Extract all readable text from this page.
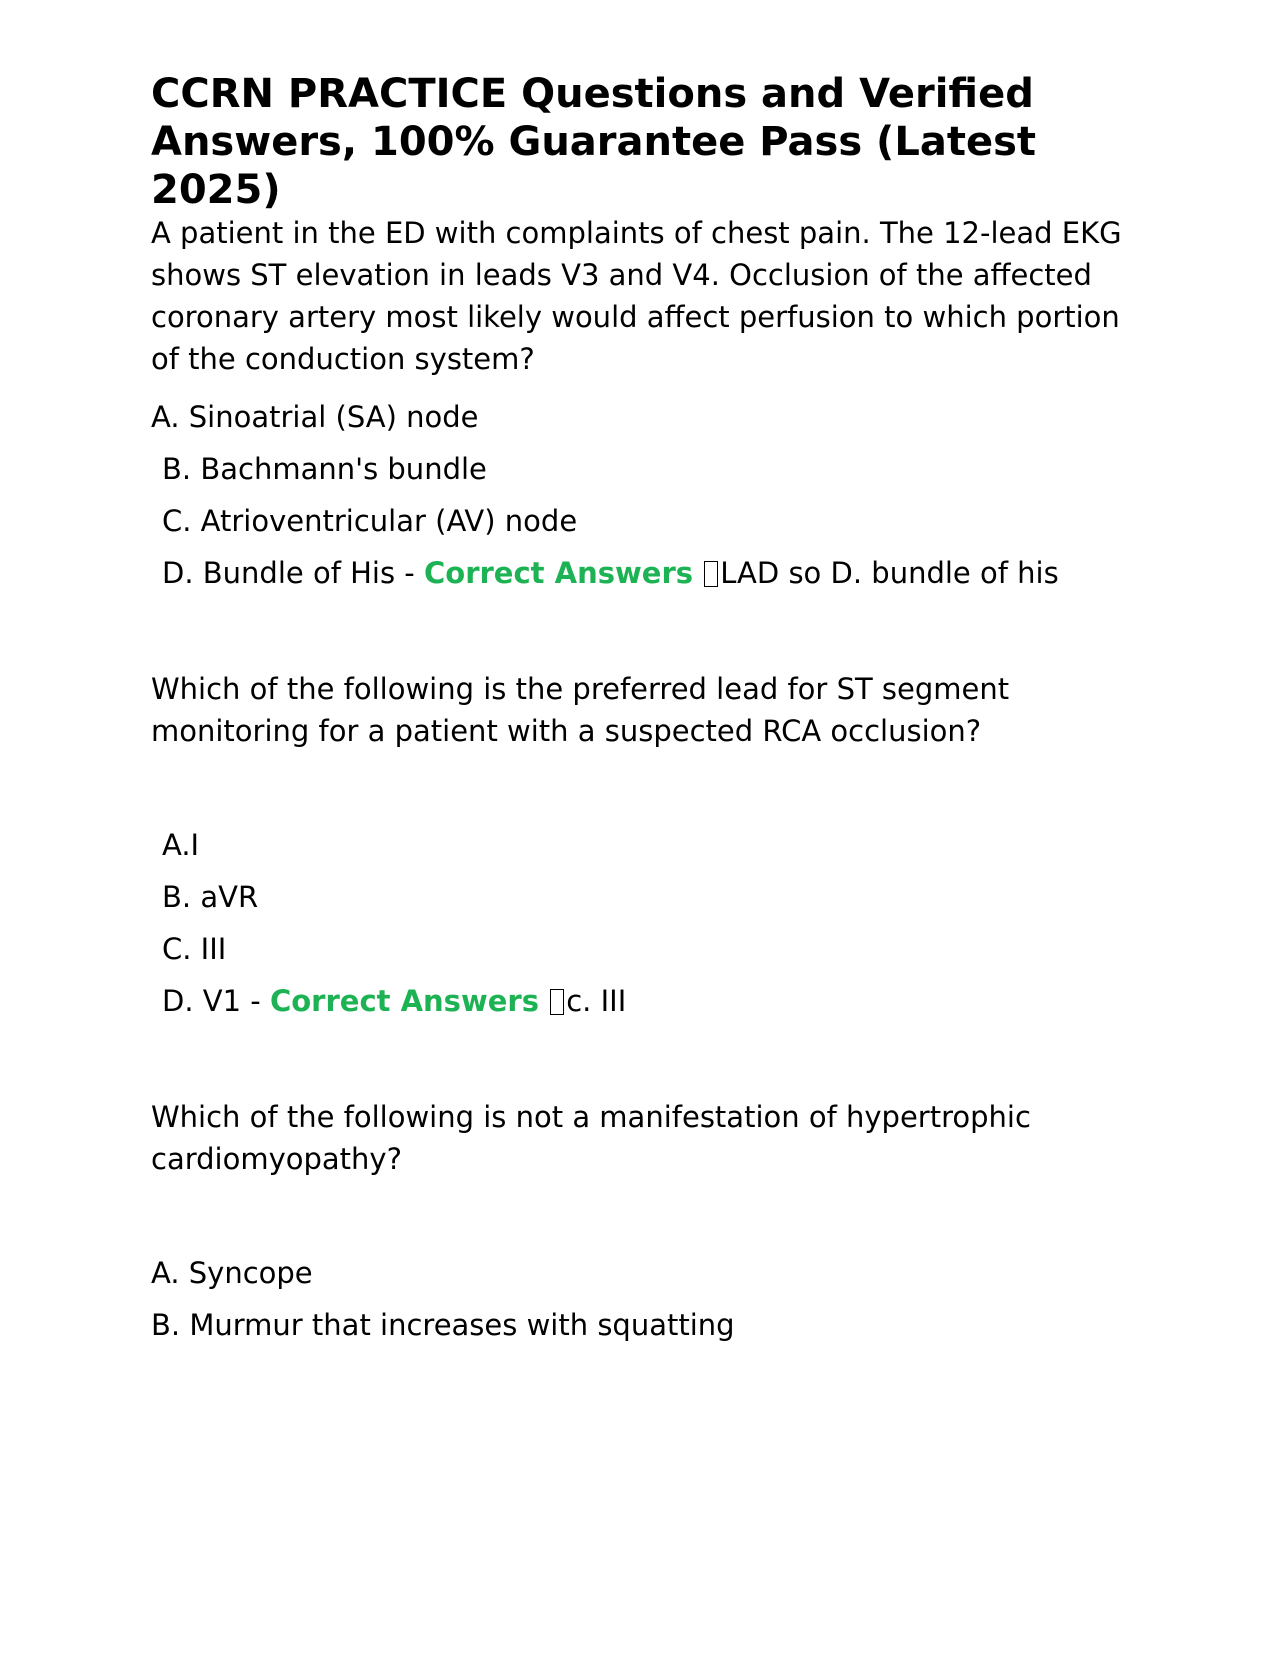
CCRN PRACTICE Questions and Verified Answers, 100% Guarantee Pass (Latest 2025)

A patient in the ED with complaints of chest pain. The 12-lead EKG shows ST elevation in leads V3 and V4. Occlusion of the affected coronary artery most likely would affect perfusion to which portion of the conduction system?

A. Sinoatrial (SA) node

B. Bachmann's bundle

C. Atrioventricular (AV) node

D. Bundle of His - Correct Answers LAD so D. bundle of his

Which of the following is the preferred lead for ST segment monitoring for a patient with a suspected RCA occlusion?

A.I

B. aVR

C. III

D. V1 - Correct Answers c. III

Which of the following is not a manifestation of hypertrophic cardiomyopathy?

A. Syncope

B. Murmur that increases with squatting
